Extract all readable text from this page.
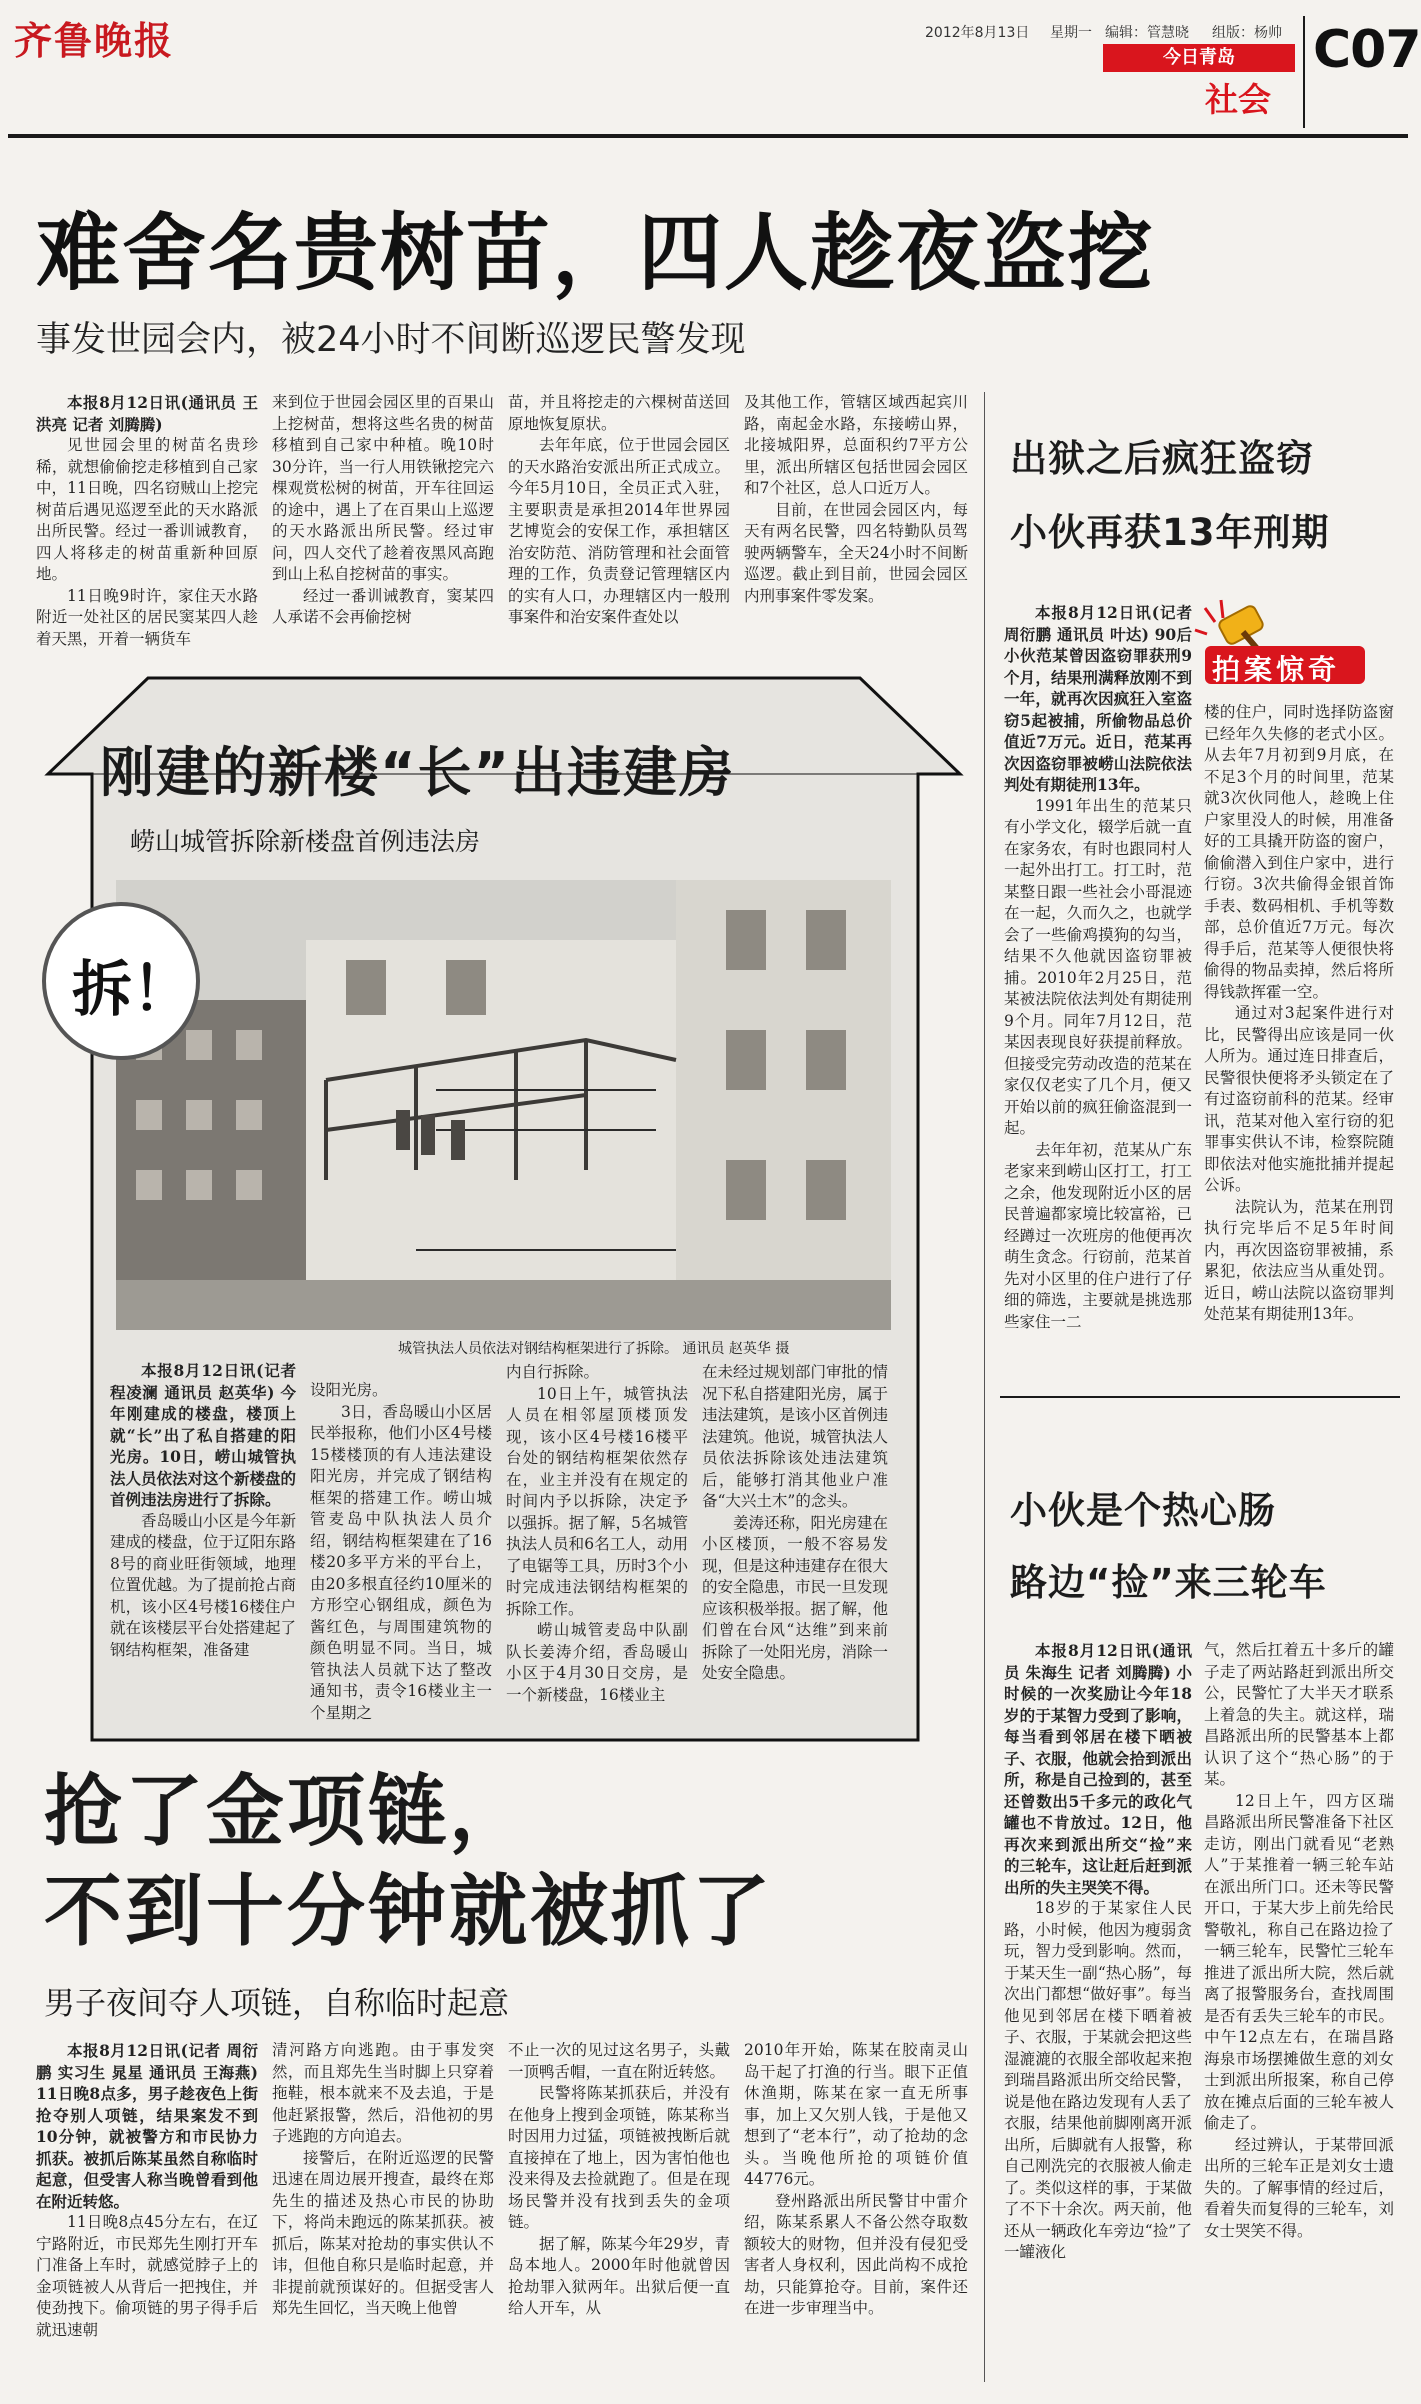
齐鲁晚报	2012年8月13日 星期一 编辑：管慧晓 组版：杨帅
今日青岛
社会
C07
难舍名贵树苗，四人趁夜盗挖
事发世园会内，被24小时不间断巡逻民警发现

本报8月12日讯(通讯员 王洪亮 记者 刘腾腾)

见世园会里的树苗名贵珍稀，就想偷偷挖走移植到自己家中，11日晚，四名窃贼山上挖完树苗后遇见巡逻至此的天水路派出所民警。经过一番训诫教育，四人将移走的树苗重新种回原地。

11日晚9时许，家住天水路附近一处社区的居民窦某四人趁着天黑，开着一辆货车

来到位于世园会园区里的百果山上挖树苗，想将这些名贵的树苗移植到自己家中种植。晚10时30分许，当一行人用铁锹挖完六棵观赏松树的树苗，开车往回运的途中，遇上了在百果山上巡逻的天水路派出所民警。经过审问，四人交代了趁着夜黑风高跑到山上私自挖树苗的事实。

经过一番训诫教育，窦某四人承诺不会再偷挖树

苗，并且将挖走的六棵树苗送回原地恢复原状。

去年年底，位于世园会园区的天水路治安派出所正式成立。今年5月10日，全员正式入驻，主要职责是承担2014年世界园艺博览会的安保工作，承担辖区治安防范、消防管理和社会面管理的工作，负责登记管理辖区内的实有人口，办理辖区内一般刑事案件和治安案件查处以

及其他工作，管辖区域西起宾川路，南起金水路，东接崂山界，北接城阳界，总面积约7平方公里，派出所辖区包括世园会园区和7个社区，总人口近万人。

目前，在世园会园区内，每天有两名民警，四名特勤队员驾驶两辆警车，全天24小时不间断巡逻。截止到目前，世园会园区内刑事案件零发案。

出狱之后疯狂盗窃
小伙再获13年刑期
拍案惊奇

本报8月12日讯(记者 周衍鹏 通讯员 叶达) 90后小伙范某曾因盗窃罪获刑9个月，结果刑满释放刚不到一年，就再次因疯狂入室盗窃5起被捕，所偷物品总价值近7万元。近日，范某再次因盗窃罪被崂山法院依法判处有期徒刑13年。

1991年出生的范某只有小学文化，辍学后就一直在家务农，有时也跟同村人一起外出打工。打工时，范某整日跟一些社会小哥混迹在一起，久而久之，也就学会了一些偷鸡摸狗的勾当，结果不久他就因盗窃罪被捕。2010年2月25日，范某被法院依法判处有期徒刑9个月。同年7月12日，范某因表现良好获提前释放。但接受完劳动改造的范某在家仅仅老实了几个月，便又开始以前的疯狂偷盗混到一起。

去年年初，范某从广东老家来到崂山区打工，打工之余，他发现附近小区的居民普遍都家境比较富裕，已经蹲过一次班房的他便再次萌生贪念。行窃前，范某首先对小区里的住户进行了仔细的筛选，主要就是挑选那些家住一二

楼的住户，同时选择防盗窗已经年久失修的老式小区。从去年7月初到9月底，在不足3个月的时间里，范某就3次伙同他人，趁晚上住户家里没人的时候，用准备好的工具撬开防盗的窗户，偷偷潜入到住户家中，进行行窃。3次共偷得金银首饰手表、数码相机、手机等数部，总价值近7万元。每次得手后，范某等人便很快将偷得的物品卖掉，然后将所得钱款挥霍一空。

通过对3起案件进行对比，民警得出应该是同一伙人所为。通过连日排查后，民警很快便将矛头锁定在了有过盗窃前科的范某。经审讯，范某对他入室行窃的犯罪事实供认不讳，检察院随即依法对他实施批捕并提起公诉。

法院认为，范某在刑罚执行完毕后不足5年时间内，再次因盗窃罪被捕，系累犯，依法应当从重处罚。近日，崂山法院以盗窃罪判处范某有期徒刑13年。

刚建的新楼“长”出违建房
崂山城管拆除新楼盘首例违法房
城管执法人员依法对钢结构框架进行了拆除。 通讯员 赵英华 摄
拆！

本报8月12日讯(记者 程凌澜 通讯员 赵英华) 今年刚建成的楼盘，楼顶上就“长”出了私自搭建的阳光房。10日，崂山城管执法人员依法对这个新楼盘的首例违法房进行了拆除。

香岛暖山小区是今年新建成的楼盘，位于辽阳东路8号的商业旺街领域，地理位置优越。为了提前抢占商机，该小区4号楼16楼住户就在该楼层平台处搭建起了钢结构框架，准备建

设阳光房。

3日，香岛暖山小区居民举报称，他们小区4号楼15楼楼顶的有人违法建设阳光房，并完成了钢结构框架的搭建工作。崂山城管麦岛中队执法人员介绍，钢结构框架建在了16楼20多平方米的平台上，由20多根直径约10厘米的方形空心钢组成，颜色为酱红色，与周围建筑物的颜色明显不同。当日，城管执法人员就下达了整改通知书，责令16楼业主一个星期之

内自行拆除。

10日上午，城管执法人员在相邻屋顶楼顶发现，该小区4号楼16楼平台处的钢结构框架依然存在，业主并没有在规定的时间内予以拆除，决定予以强拆。据了解，5名城管执法人员和6名工人，动用了电锯等工具，历时3个小时完成违法钢结构框架的拆除工作。

崂山城管麦岛中队副队长姜涛介绍，香岛暖山小区于4月30日交房，是一个新楼盘，16楼业主

在未经过规划部门审批的情况下私自搭建阳光房，属于违法建筑，是该小区首例违法建筑。他说，城管执法人员依法拆除该处违法建筑后，能够打消其他业户准备“大兴土木”的念头。

姜涛还称，阳光房建在小区楼顶，一般不容易发现，但是这种违建存在很大的安全隐患，市民一旦发现应该积极举报。据了解，他们曾在台风“达维”到来前拆除了一处阳光房，消除一处安全隐患。

抢了金项链，
不到十分钟就被抓了
男子夜间夺人项链，自称临时起意

本报8月12日讯(记者 周衍鹏 实习生 晁星 通讯员 王海燕) 11日晚8点多，男子趁夜色上街抢夺别人项链，结果案发不到10分钟，就被警方和市民协力抓获。被抓后陈某虽然自称临时起意，但受害人称当晚曾看到他在附近转悠。

11日晚8点45分左右，在辽宁路附近，市民郑先生刚打开车门准备上车时，就感觉脖子上的金项链被人从背后一把拽住，并使劲拽下。偷项链的男子得手后就迅速朝

清河路方向逃跑。由于事发突然，而且郑先生当时脚上只穿着拖鞋，根本就来不及去追，于是他赶紧报警，然后，沿他初的男子逃跑的方向追去。

接警后，在附近巡逻的民警迅速在周边展开搜查，最终在郑先生的描述及热心市民的协助下，将尚未跑远的陈某抓获。被抓后，陈某对抢劫的事实供认不讳，但他自称只是临时起意，并非提前就预谋好的。但据受害人郑先生回忆，当天晚上他曾

不止一次的见过这名男子，头戴一顶鸭舌帽，一直在附近转悠。

民警将陈某抓获后，并没有在他身上搜到金项链，陈某称当时因用力过猛，项链被拽断后就直接掉在了地上，因为害怕他也没来得及去捡就跑了。但是在现场民警并没有找到丢失的金项链。

据了解，陈某今年29岁，青岛本地人。2000年时他就曾因抢劫罪入狱两年。出狱后便一直给人开车，从

2010年开始，陈某在胶南灵山岛干起了打渔的行当。眼下正值休渔期，陈某在家一直无所事事，加上又欠别人钱，于是他又想到了“老本行”，动了抢劫的念头。当晚他所抢的项链价值44776元。

登州路派出所民警甘中雷介绍，陈某系累人不备公然夺取数额较大的财物，但并没有侵犯受害者人身权利，因此尚构不成抢劫，只能算抢夺。目前，案件还在进一步审理当中。

小伙是个热心肠
路边“捡”来三轮车

本报8月12日讯(通讯员 朱海生 记者 刘腾腾) 小时候的一次奖励让今年18岁的于某智力受到了影响，每当看到邻居在楼下晒被子、衣服，他就会拾到派出所，称是自己捡到的，甚至还曾数出5千多元的政化气罐也不肯放过。12日，他再次来到派出所交“捡”来的三轮车，这让赶后赶到派出所的失主哭笑不得。

18岁的于某家住人民路，小时候，他因为瘦弱贪玩，智力受到影响。然而，于某天生一副“热心肠”，每次出门都想“做好事”。每当他见到邻居在楼下晒着被子、衣服，于某就会把这些湿漉漉的衣服全部收起来抱到瑞昌路派出所交给民警，说是他在路边发现有人丢了衣服，结果他前脚刚离开派出所，后脚就有人报警，称自己刚洗完的衣服被人偷走了。类似这样的事，于某做了不下十余次。两天前，他还从一辆政化车旁边“捡”了一罐液化

气，然后扛着五十多斤的罐子走了两站路赶到派出所交公，民警忙了大半天才联系上着急的失主。就这样，瑞昌路派出所的民警基本上都认识了这个“热心肠”的于某。

12日上午，四方区瑞昌路派出所民警准备下社区走访，刚出门就看见“老熟人”于某推着一辆三轮车站在派出所门口。还未等民警开口，于某大步上前先给民警敬礼，称自己在路边捡了一辆三轮车，民警忙三轮车推进了派出所大院，然后就离了报警服务台，查找周围是否有丢失三轮车的市民。中午12点左右，在瑞昌路海泉市场摆摊做生意的刘女士到派出所报案，称自己停放在摊点后面的三轮车被人偷走了。

经过辨认，于某带回派出所的三轮车正是刘女士遗失的。了解事情的经过后，看着失而复得的三轮车，刘女士哭笑不得。
